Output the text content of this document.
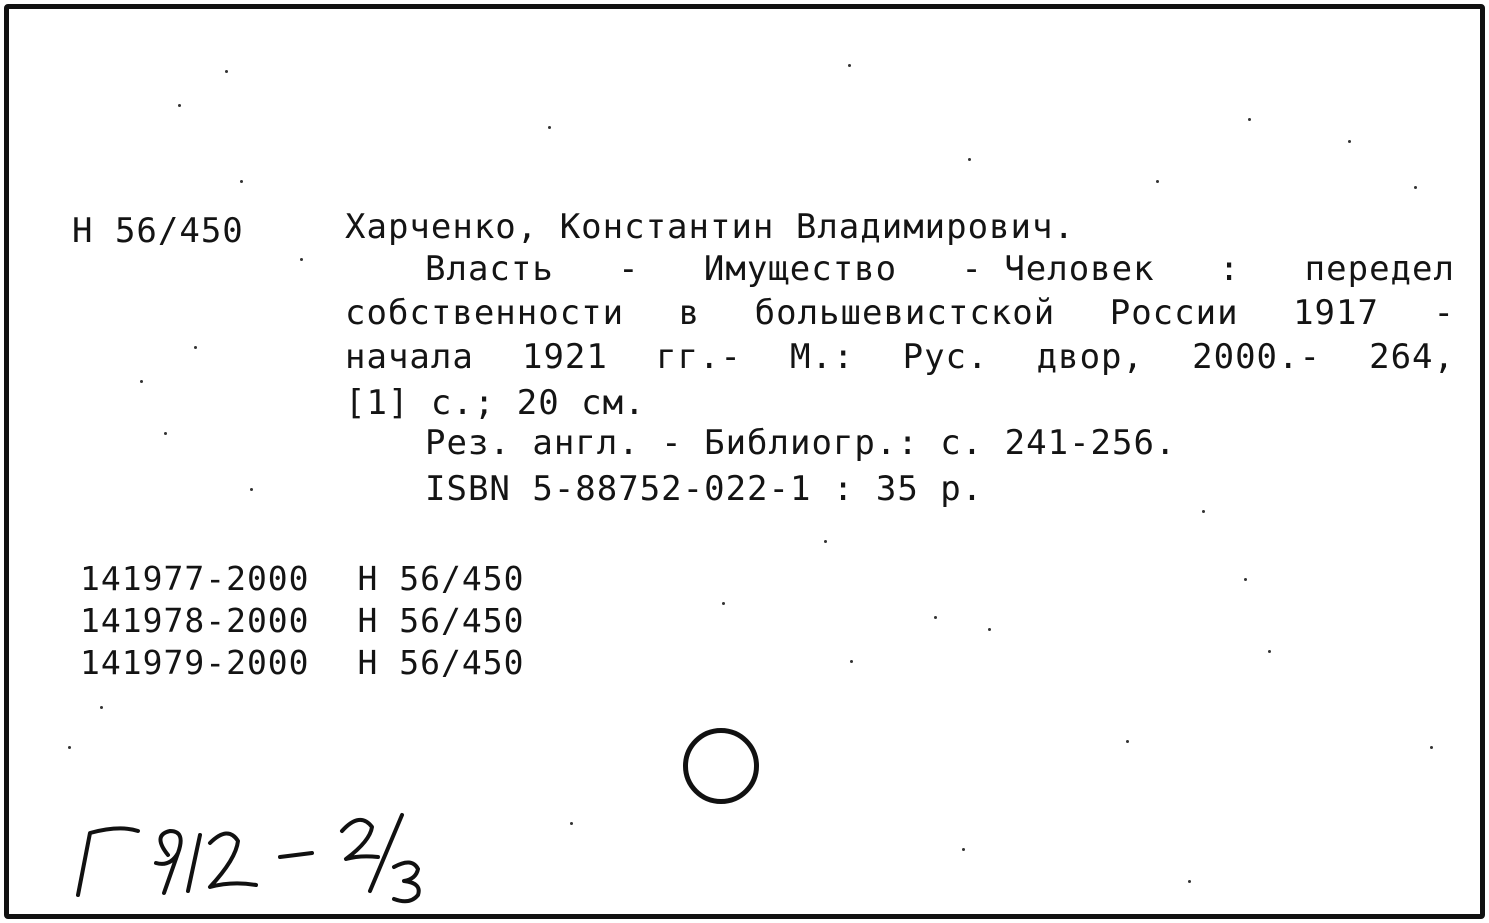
Н 56/450	Харченко, Константин Владимирович.
Власть - Имущество - Человек : передел
собственности в большевистской России 1917 -
начала 1921 гг.- М.: Рус. двор, 2000.- 264,
[1] с.; 20 см.
Рез. англ. - Библиогр.: с. 241-256.
ISBN 5-88752-022-1 : 35 р.
141977-2000 Н 56/450
141978-2000 Н 56/450
141979-2000 Н 56/450
